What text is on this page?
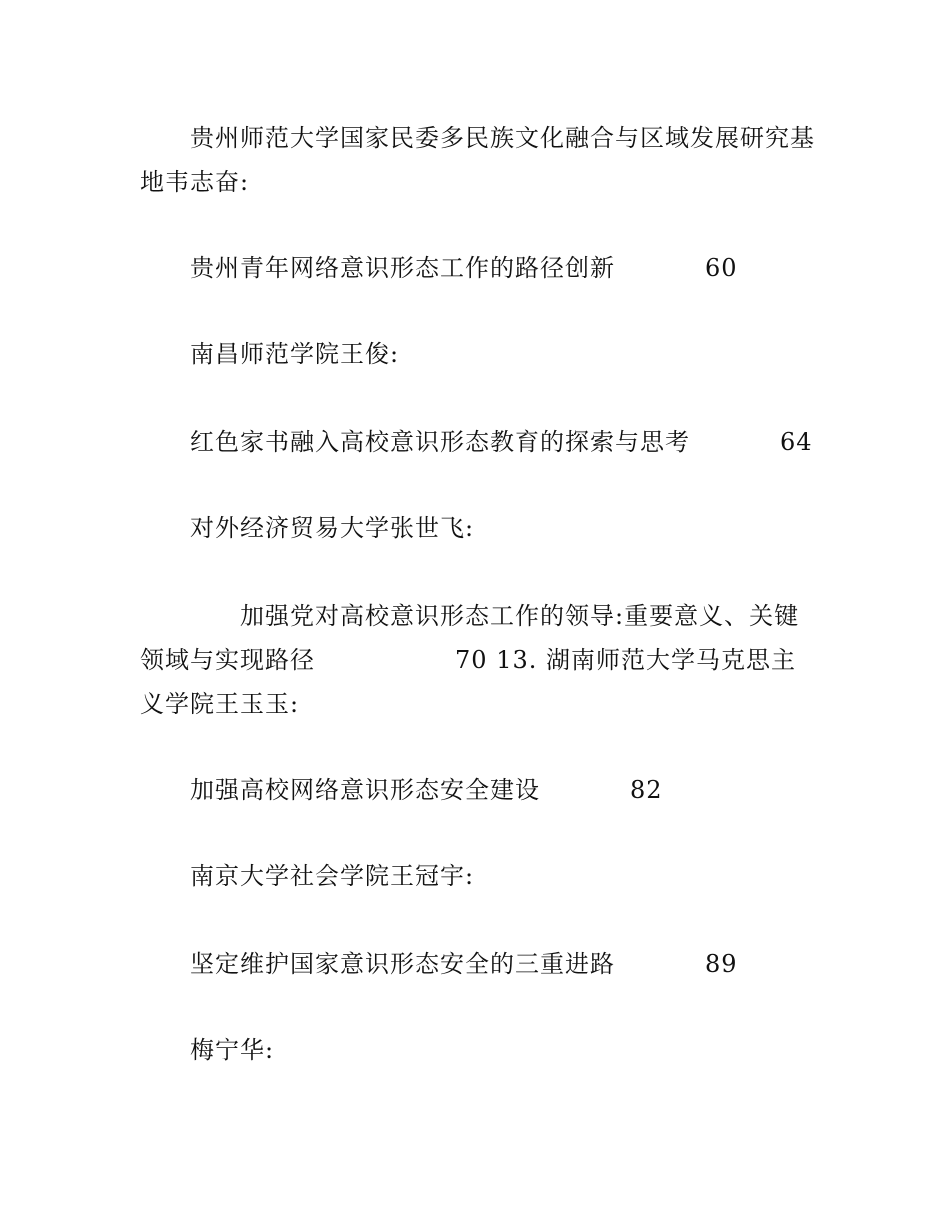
贵州师范大学国家民委多民族文化融合与区域发展研究基地韦志奋:

贵州青年网络意识形态工作的路径创新	60

南昌师范学院王俊:

红色家书融入高校意识形态教育的探索与思考	64

对外经济贸易大学张世飞:

加强党对高校意识形态工作的领导:重要意义、关键领域与实现路径	70 13. 湖南师范大学马克思主义学院王玉玉:

加强高校网络意识形态安全建设	82

南京大学社会学院王冠宇:

坚定维护国家意识形态安全的三重进路	89

梅宁华:
